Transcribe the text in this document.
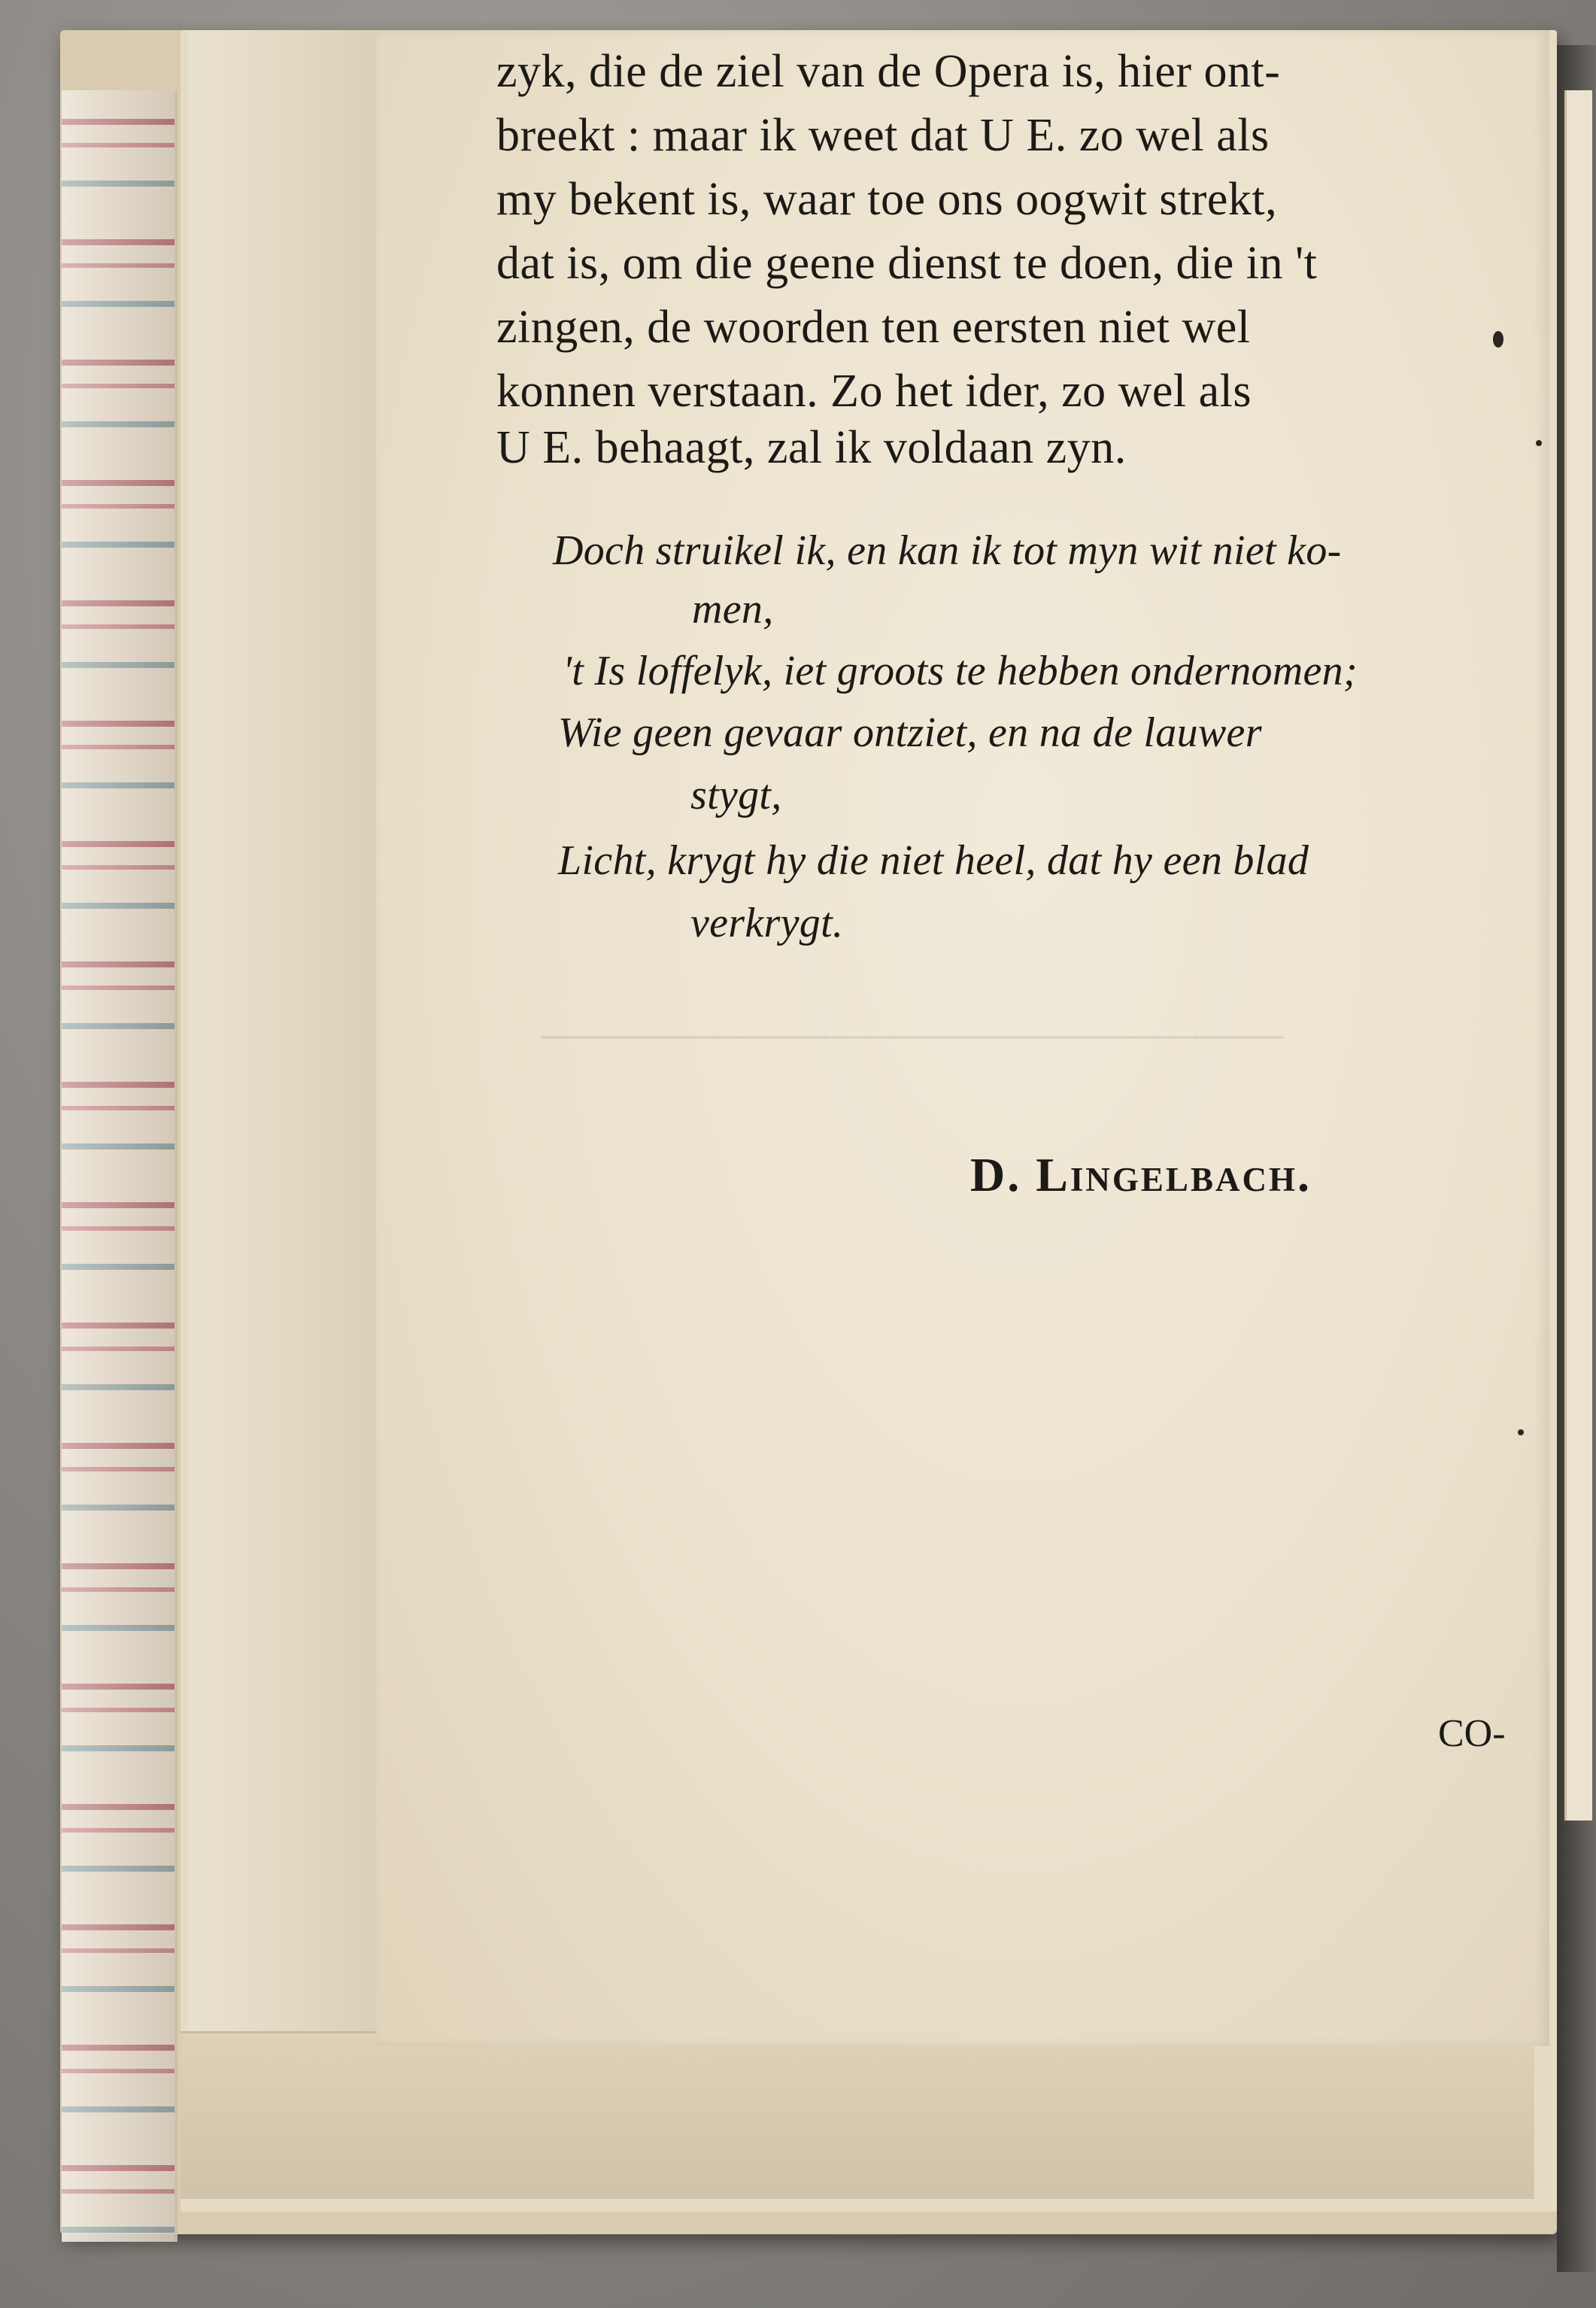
__________________________________
zyk, die de ziel van de Opera is, hier ont-
breekt : maar ik weet dat U E. zo wel als
my bekent is, waar toe ons oogwit strekt,
dat is, om die geene dienst te doen, die in 't
zingen, de woorden ten eersten niet wel
konnen verstaan. Zo het ider, zo wel als
U E. behaagt, zal ik voldaan zyn.
Doch struikel ik, en kan ik tot myn wit niet ko-
men,
't Is loffelyk, iet groots te hebben ondernomen;
Wie geen gevaar ontziet, en na de lauwer
stygt,
Licht, krygt hy die niet heel, dat hy een blad
verkrygt.
D. Lingelbach.
CO-
